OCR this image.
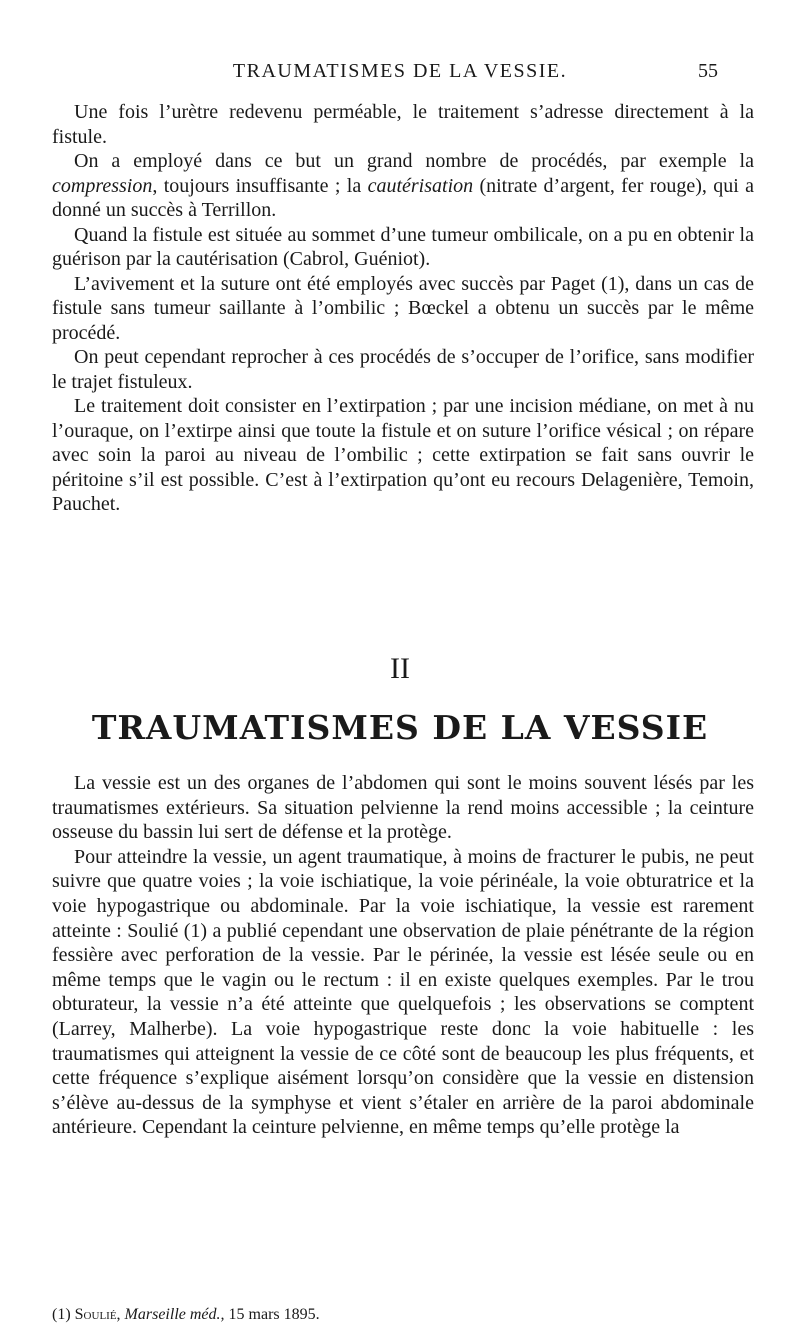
TRAUMATISMES DE LA VESSIE.	55

Une fois l’urètre redevenu perméable, le traitement s’adresse directement à la fistule.

On a employé dans ce but un grand nombre de procédés, par exemple la compression, toujours insuffisante ; la cautérisation (nitrate d’argent, fer rouge), qui a donné un succès à Terrillon.

Quand la fistule est située au sommet d’une tumeur ombilicale, on a pu en obtenir la guérison par la cautérisation (Cabrol, Guéniot).

L’avivement et la suture ont été employés avec succès par Paget (1), dans un cas de fistule sans tumeur saillante à l’ombilic ; Bœckel a obtenu un succès par le même procédé.

On peut cependant reprocher à ces procédés de s’occuper de l’orifice, sans modifier le trajet fistuleux.

Le traitement doit consister en l’extirpation ; par une incision médiane, on met à nu l’ouraque, on l’extirpe ainsi que toute la fistule et on suture l’orifice vésical ; on répare avec soin la paroi au niveau de l’ombilic ; cette extirpation se fait sans ouvrir le péritoine s’il est possible. C’est à l’extirpation qu’ont eu recours Delagenière, Temoin, Pauchet.

II
TRAUMATISMES DE LA VESSIE

La vessie est un des organes de l’abdomen qui sont le moins souvent lésés par les traumatismes extérieurs. Sa situation pelvienne la rend moins accessible ; la ceinture osseuse du bassin lui sert de défense et la protège.

Pour atteindre la vessie, un agent traumatique, à moins de fracturer le pubis, ne peut suivre que quatre voies ; la voie ischiatique, la voie périnéale, la voie obturatrice et la voie hypogastrique ou abdominale. Par la voie ischiatique, la vessie est rarement atteinte : Soulié (1) a publié cependant une observation de plaie pénétrante de la région fessière avec perforation de la vessie. Par le périnée, la vessie est lésée seule ou en même temps que le vagin ou le rectum : il en existe quelques exemples. Par le trou obturateur, la vessie n’a été atteinte que quelquefois ; les observations se comptent (Larrey, Malherbe). La voie hypogastrique reste donc la voie habituelle : les traumatismes qui atteignent la vessie de ce côté sont de beaucoup les plus fréquents, et cette fréquence s’explique aisément lorsqu’on considère que la vessie en distension s’élève au-dessus de la symphyse et vient s’étaler en arrière de la paroi abdominale antérieure. Cependant la ceinture pelvienne, en même temps qu’elle protège la

(1) Soulié, Marseille méd., 15 mars 1895.
